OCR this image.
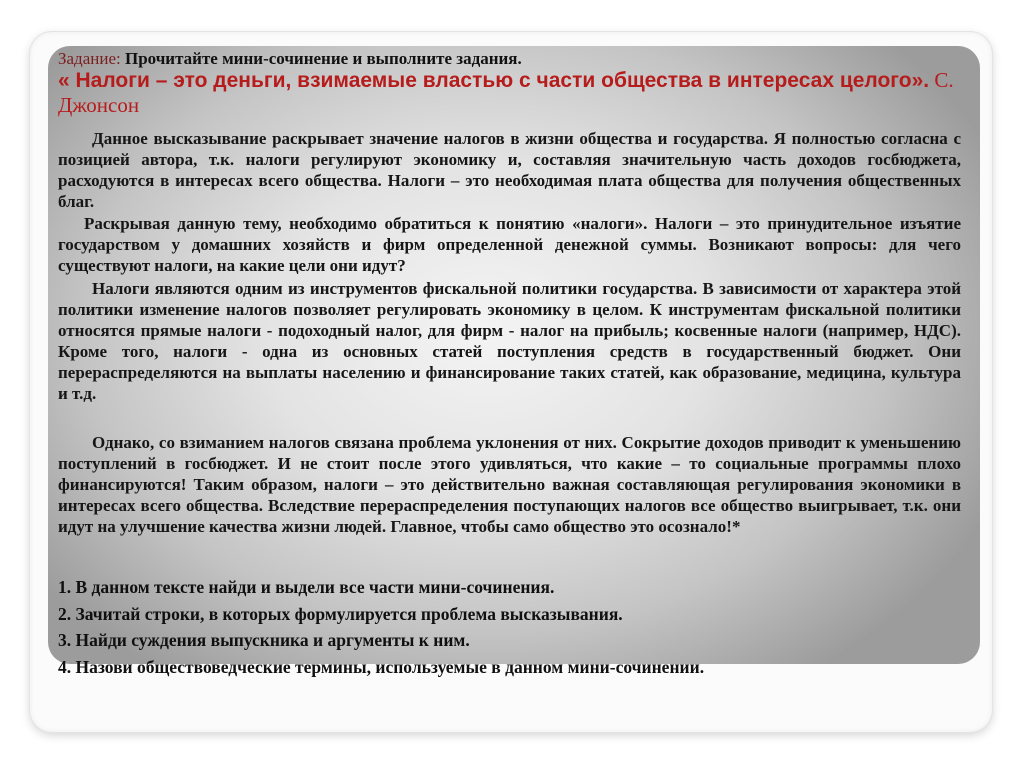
Задание: Прочитайте мини-сочинение и выполните задания.
« Налоги – это деньги, взимаемые властью с части общества в интересах целого». С. Джонсон
Данное высказывание раскрывает значение налогов в жизни общества и государства. Я полностью согласна с позицией автора, т.к. налоги регулируют экономику и, составляя значительную часть доходов госбюджета, расходуются в интересах всего общества. Налоги – это необходимая плата общества для получения общественных благ.
Раскрывая данную тему, необходимо обратиться к понятию «налоги». Налоги – это принудительное изъятие государством у домашних хозяйств и фирм определенной денежной суммы. Возникают вопросы: для чего существуют налоги, на какие цели они идут?
Налоги являются одним из инструментов фискальной политики государства. В зависимости от характера этой политики изменение налогов позволяет регулировать экономику в целом. К инструментам фискальной политики относятся прямые налоги - подоходный налог, для фирм - налог на прибыль; косвенные налоги (например, НДС). Кроме того, налоги - одна из основных статей поступления средств в государственный бюджет. Они перераспределяются на выплаты населению и финансирование таких статей, как образование, медицина, культура и т.д.
Однако, со взиманием налогов связана проблема уклонения от них. Сокрытие доходов приводит к уменьшению поступлений в госбюджет. И не стоит после этого удивляться, что какие – то социальные программы плохо финансируются! Таким образом, налоги – это действительно важная составляющая регулирования экономики в интересах всего общества. Вследствие перераспределения поступающих налогов все общество выигрывает, т.к. они идут на улучшение качества жизни людей. Главное, чтобы само общество это осознало!*
1. В данном тексте найди и выдели все части мини-сочинения.
2. Зачитай строки, в которых формулируется проблема высказывания.
3. Найди суждения выпускника и аргументы к ним.
4. Назови обществоведческие термины, используемые в данном мини-сочинении.
